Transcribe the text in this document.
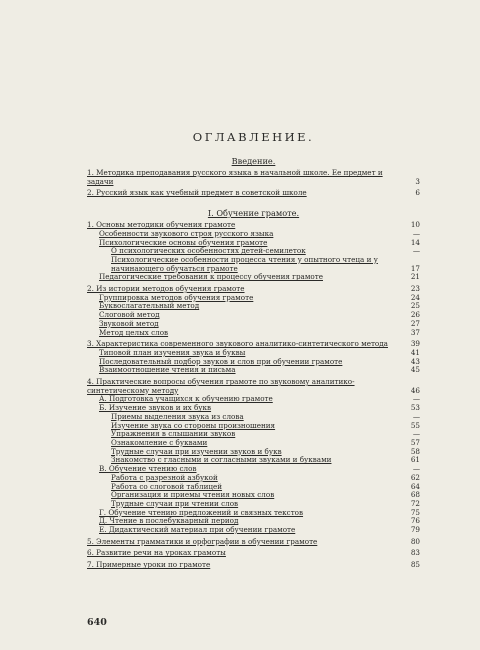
ОГЛАВЛЕНИЕ.
Введение.
1. Методика преподавания русского языка в начальной школе. Ее предмет и задачи	3
2. Русский язык как учебный предмет в советской школе	6
I. Обучение грамоте.
1. Основы методики обучения грамоте	10
Особенности звукового строя русского языка	—
Психологические основы обучения грамоте	14
О психологических особенностях детей-семилеток	—
Психологические особенности процесса чтения у опытного чтеца и у начинающего обучаться грамоте	17
Педагогические требования к процессу обучения грамоте	21
2. Из истории методов обучения грамоте	23
Группировка методов обучения грамоте	24
Буквослагательный метод	25
Слоговой метод	26
Звуковой метод	27
Метод целых слов	37
3. Характеристика современного звукового аналитико-синтетического метода	39
Типовой план изучения звука и буквы	41
Последовательный подбор звуков и слов при обучении грамоте	43
Взаимоотношение чтения и письма	45
4. Практические вопросы обучения грамоте по звуковому аналитико-синтетическому методу	46
А. Подготовка учащихся к обучению грамоте	—
Б. Изучение звуков и их букв	53
Приемы выделения звука из слова	—
Изучение звука со стороны произношения	55
Упражнения в слышании звуков	—
Ознакомление с буквами	57
Трудные случаи при изучении звуков и букв	58
Знакомство с гласными и согласными звуками и буквами	61
В. Обучение чтению слов	—
Работа с разрезной азбукой	62
Работа со слоговой таблицей	64
Организация и приемы чтения новых слов	68
Трудные случаи при чтении слов	72
Г. Обучение чтению предложений и связных текстов	75
Д. Чтение в послебукварный период	76
Е. Дидактический материал при обучении грамоте	79
5. Элементы грамматики и орфографии в обучении грамоте	80
6. Развитие речи на уроках грамоты	83
7. Примерные уроки по грамоте	85
640
